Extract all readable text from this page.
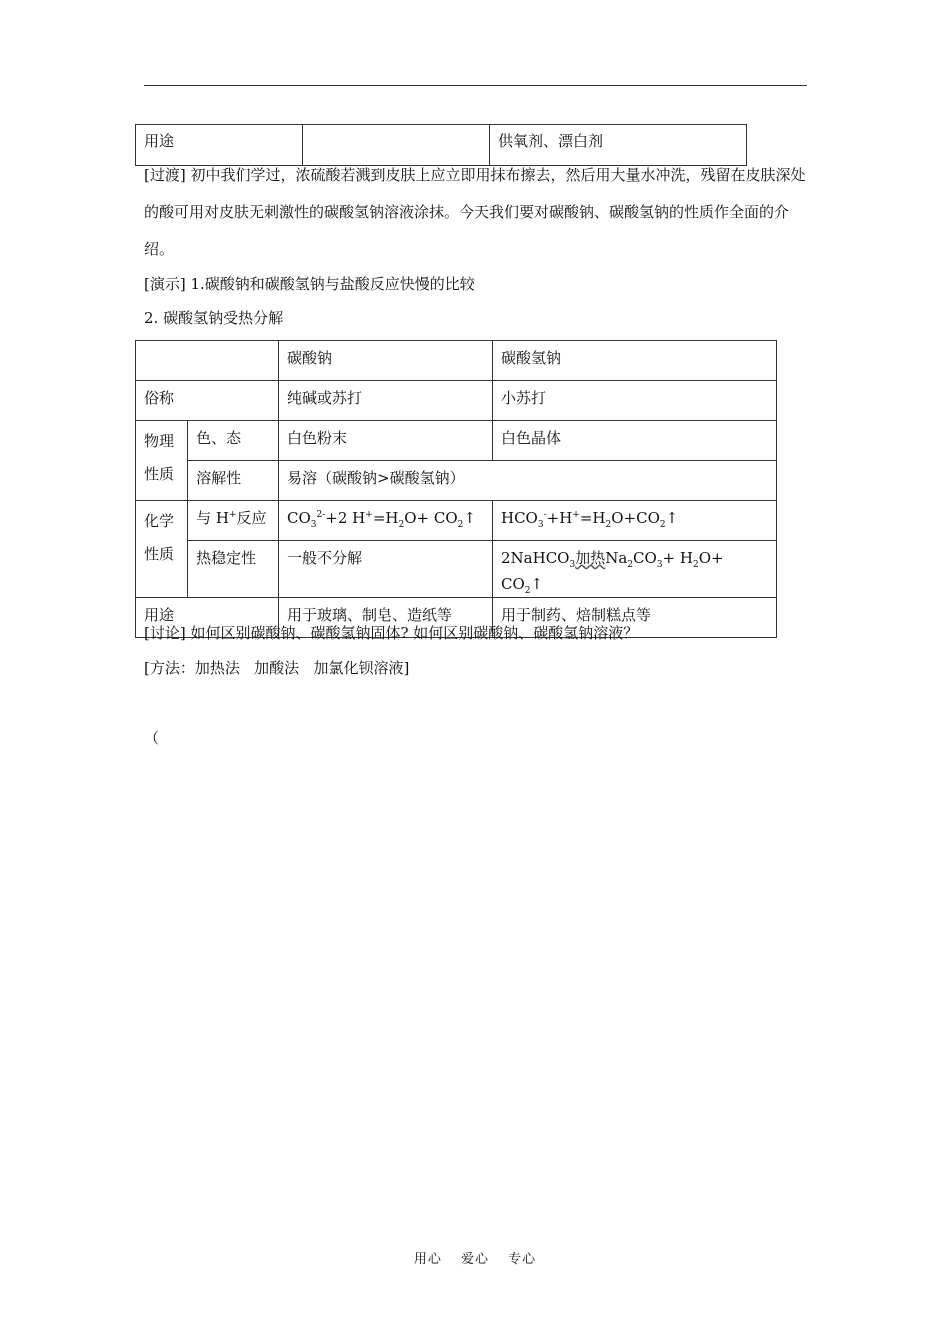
用途		供氧剂、漂白剂
[过渡] 初中我们学过，浓硫酸若溅到皮肤上应立即用抹布擦去，然后用大量水冲洗，残留在皮肤深处的酸可用对皮肤无刺激性的碳酸氢钠溶液涂抹。今天我们要对碳酸钠、碳酸氢钠的性质作全面的介绍。
[演示] 1.碳酸钠和碳酸氢钠与盐酸反应快慢的比较
2. 碳酸氢钠受热分解
		碳酸钠	碳酸氢钠
俗称		纯碱或苏打	小苏打
物理性质	色、态	白色粉末	白色晶体
	溶解性	易溶（碳酸钠>碳酸氢钠）	
化学性质	与 H+反应	$CO_3^{2-}+2$ $H^+=H_2O+$ $CO_2↑$	$HCO_3^-+H^+=H_2O+CO_2↑$
	热稳定性	一般不分解	2NaHCO$_3$加热$Na_2CO_3+ H_2O+$ $CO_2↑$
用途		用于玻璃、制皂、造纸等	用于制药、焙制糕点等
[讨论] 如何区别碳酸钠、碳酸氢钠固体? 如何区别碳酸钠、碳酸氢钠溶液？
[方法：加热法   加酸法   加氯化钡溶液]
（
用心 爱心 专心
